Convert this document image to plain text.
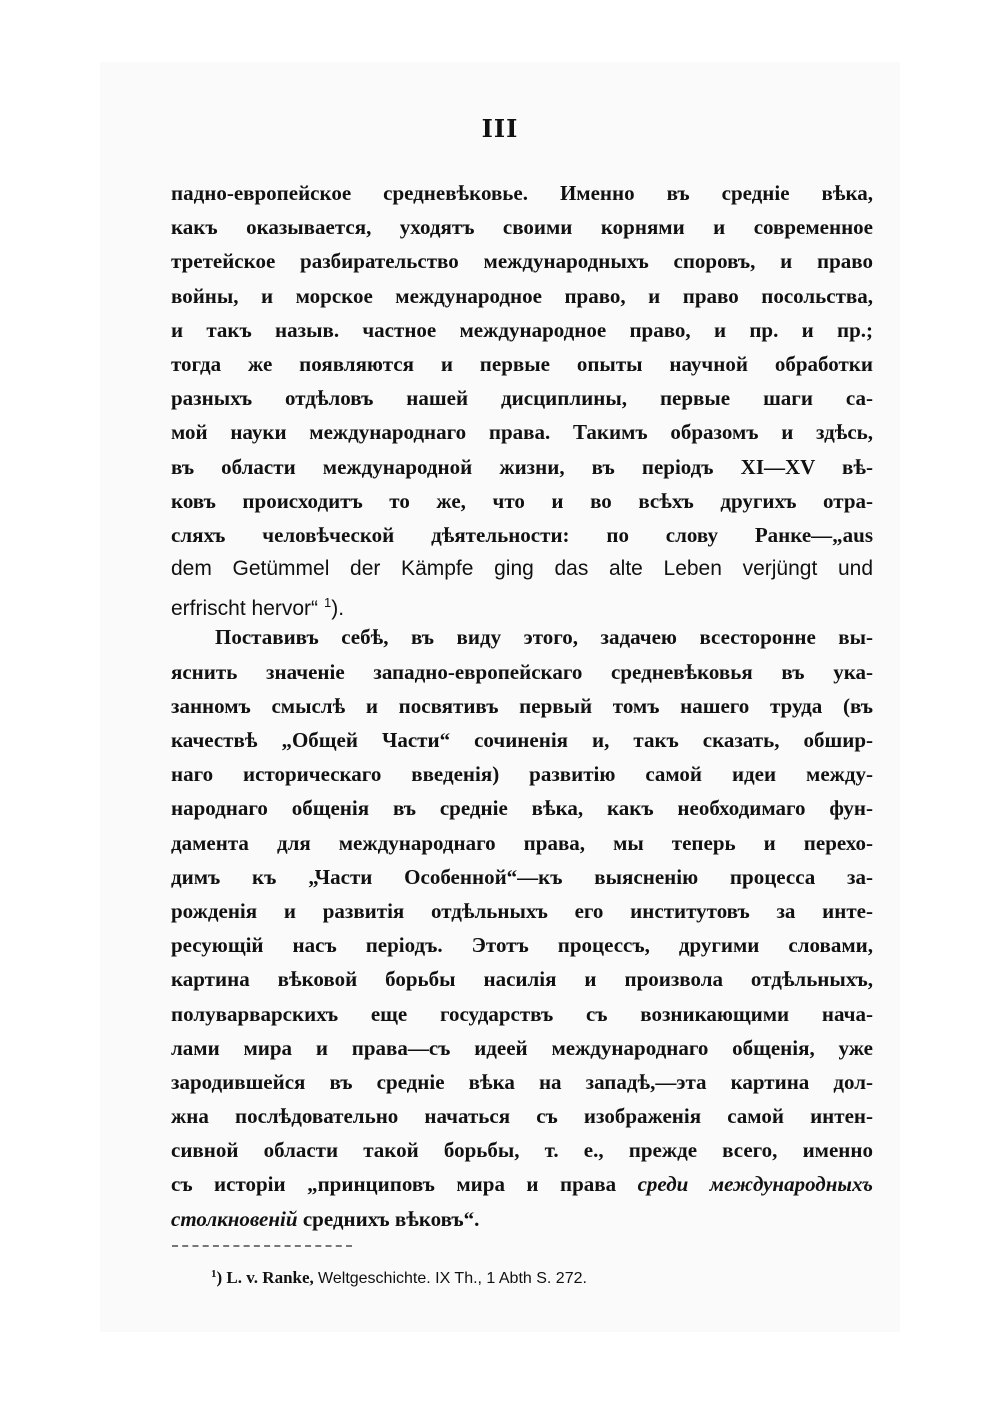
III
падно-европейское средневѣковье. Именно въ средніе вѣка,
какъ оказывается, уходятъ своими корнями и современное
третейское разбирательство международныхъ споровъ, и право
войны, и морское международное право, и право посольства,
и такъ назыв. частное международное право, и пр. и пр.;
тогда же появляются и первые опыты научной обработки
разныхъ отдѣловъ нашей дисциплины, первые шаги са-
мой науки международнаго права. Такимъ образомъ и здѣсь,
въ области международной жизни, въ періодъ XI—XV вѣ-
ковъ происходитъ то же, что и во всѣхъ другихъ отра-
сляхъ человѣческой дѣятельности: по слову Ранке—„aus
dem Getümmel der Kämpfe ging das alte Leben verjüngt und
erfrischt hervor“ $^1$).
Поставивъ себѣ, въ виду этого, задачею всесторонне вы-
яснить значеніе западно-европейскаго средневѣковья въ ука-
занномъ смыслѣ и посвятивъ первый томъ нашего труда (въ
качествѣ „Общей Части“ сочиненія и, такъ сказать, обшир-
наго историческаго введенія) развитію самой идеи между-
народнаго общенія въ средніе вѣка, какъ необходимаго фун-
дамента для международнаго права, мы теперь и перехо-
димъ къ „Части Особенной“—къ выясненію процесса за-
рожденія и развитія отдѣльныхъ его институтовъ за инте-
ресующій насъ періодъ. Этотъ процессъ, другими словами,
картина вѣковой борьбы насилія и произвола отдѣльныхъ,
полуварварскихъ еще государствъ съ возникающими нача-
лами мира и права—съ идеей международнаго общенія, уже
зародившейся въ средніе вѣка на западѣ,—эта картина дол-
жна послѣдовательно начаться съ изображенія самой интен-
сивной области такой борьбы, т. е., прежде всего, именно
съ исторіи „принциповъ мира и права среди международныхъ
столкновеній среднихъ вѣковъ“.
$^1$) L. v. Ranke, Weltgeschichte. IX Th., 1 Abth S. 272.
